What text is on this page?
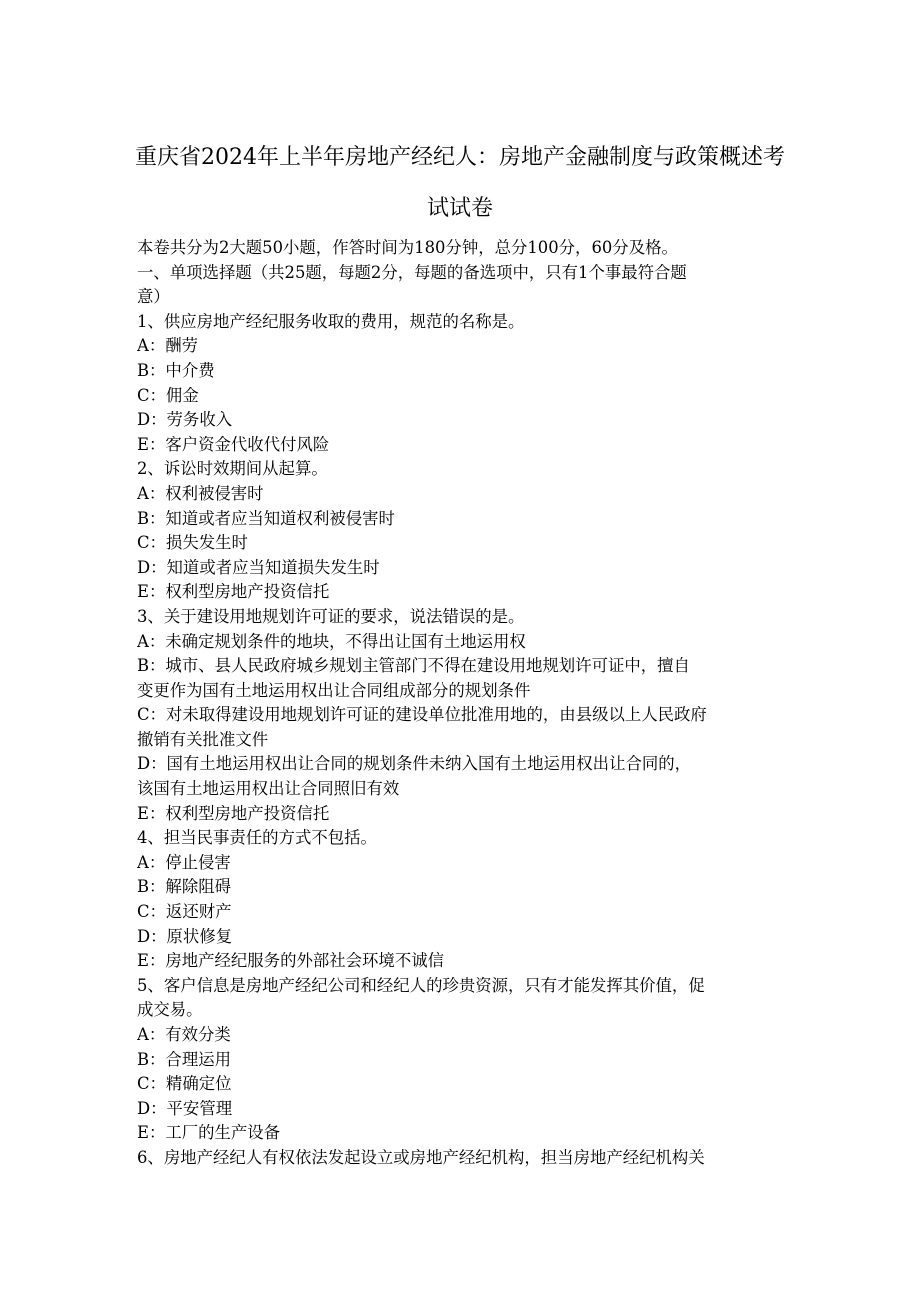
重庆省2024年上半年房地产经纪人：房地产金融制度与政策概述考
试试卷
本卷共分为2大题50小题，作答时间为180分钟，总分100分，60分及格。
一、单项选择题（共25题，每题2分，每题的备选项中，只有1个事最符合题
意）
1、供应房地产经纪服务收取的费用，规范的名称是。
A：酬劳
B：中介费
C：佣金
D：劳务收入
E：客户资金代收代付风险
2、诉讼时效期间从起算。
A：权利被侵害时
B：知道或者应当知道权利被侵害时
C：损失发生时
D：知道或者应当知道损失发生时
E：权利型房地产投资信托
3、关于建设用地规划许可证的要求，说法错误的是。
A：未确定规划条件的地块，不得出让国有土地运用权
B：城市、县人民政府城乡规划主管部门不得在建设用地规划许可证中，擅自
变更作为国有土地运用权出让合同组成部分的规划条件
C：对未取得建设用地规划许可证的建设单位批准用地的，由县级以上人民政府
撤销有关批准文件
D：国有土地运用权出让合同的规划条件未纳入国有土地运用权出让合同的，
该国有土地运用权出让合同照旧有效
E：权利型房地产投资信托
4、担当民事责任的方式不包括。
A：停止侵害
B：解除阻碍
C：返还财产
D：原状修复
E：房地产经纪服务的外部社会环境不诚信
5、客户信息是房地产经纪公司和经纪人的珍贵资源，只有才能发挥其价值，促
成交易。
A：有效分类
B：合理运用
C：精确定位
D：平安管理
E：工厂的生产设备
6、房地产经纪人有权依法发起设立或房地产经纪机构，担当房地产经纪机构关
